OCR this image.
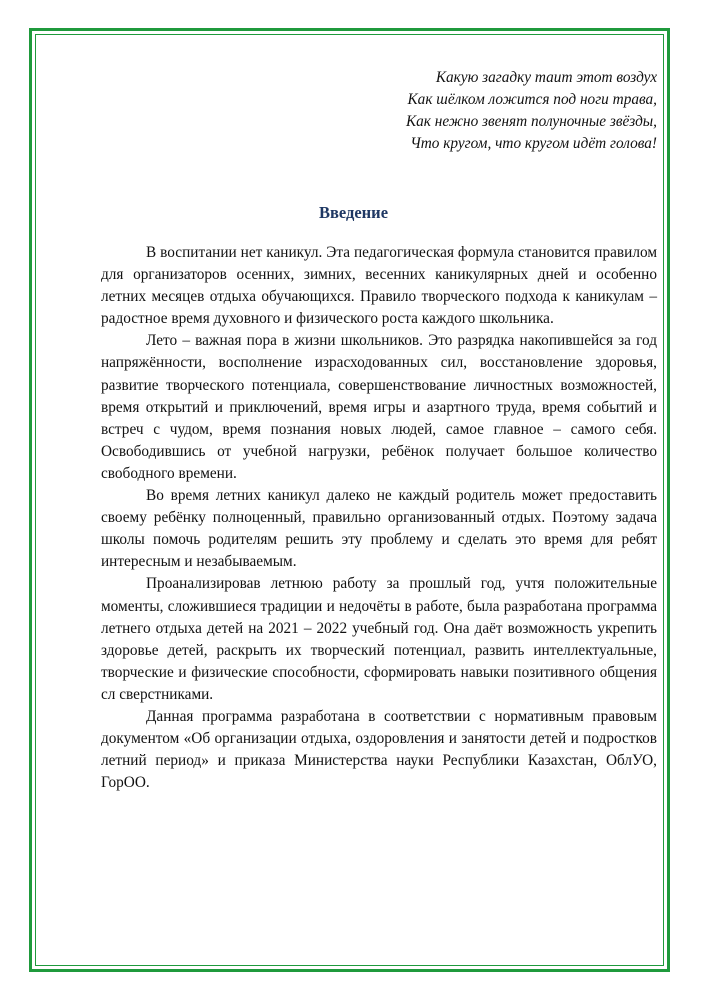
Какую загадку таит этот воздух
Как шёлком ложится под ноги трава,
Как нежно звенят полуночные звёзды,
Что кругом, что кругом идёт голова!
Введение

В воспитании нет каникул. Эта педагогическая формула становится правилом для организаторов осенних, зимних, весенних каникулярных дней и особенно летних месяцев отдыха обучающихся. Правило творческого подхода к каникулам – радостное время духовного и физического роста каждого школьника.

Лето – важная пора в жизни школьников. Это разрядка накопившейся за год напряжённости, восполнение израсходованных сил, восстановление здоровья, развитие творческого потенциала, совершенствование личностных возможностей, время открытий и приключений, время игры и азартного труда, время событий и встреч с чудом, время познания новых людей, самое главное – самого себя. Освободившись от учебной нагрузки, ребёнок получает большое количество свободного времени.

Во время летних каникул далеко не каждый родитель может предоставить своему ребёнку полноценный, правильно организованный отдых. Поэтому задача школы помочь родителям решить эту проблему и сделать это время для ребят интересным и незабываемым.

Проанализировав летнюю работу за прошлый год, учтя положительные моменты, сложившиеся традиции и недочёты в работе, была разработана программа летнего отдыха детей на 2021 – 2022 учебный год. Она даёт возможность укрепить здоровье детей, раскрыть их творческий потенциал, развить интеллектуальные, творческие и физические способности, сформировать навыки позитивного общения сл сверстниками.

Данная программа разработана в соответствии с нормативным правовым документом «Об организации отдыха, оздоровления и занятости детей и подростков летний период» и приказа Министерства науки Республики Казахстан, ОблУО, ГорОО.
